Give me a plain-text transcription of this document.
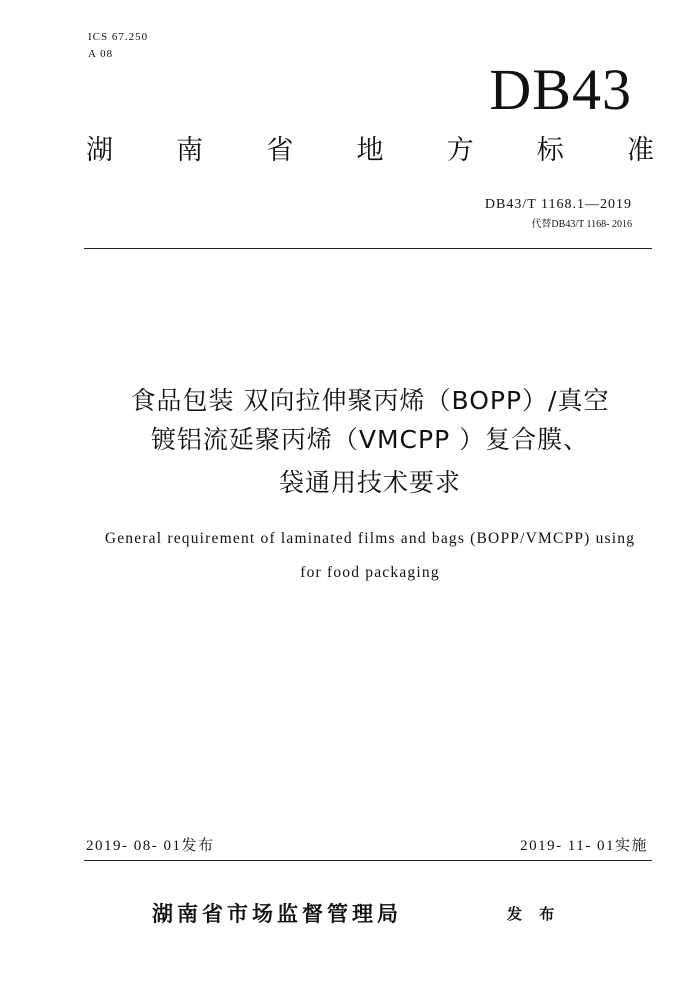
ICS 67.250
A 08
DB43
湖 南 省 地 方 标 准
DB43/T 1168.1—2019
代替DB43/T 1168- 2016
食品包装 双向拉伸聚丙烯（BOPP）/真空
镀铝流延聚丙烯（VMCPP ）复合膜、
袋通用技术要求
General requirement of laminated films and bags (BOPP/VMCPP) using
for food packaging
2019- 08- 01发布	2019- 11- 01实施
湖南省市场监督管理局	发 布
